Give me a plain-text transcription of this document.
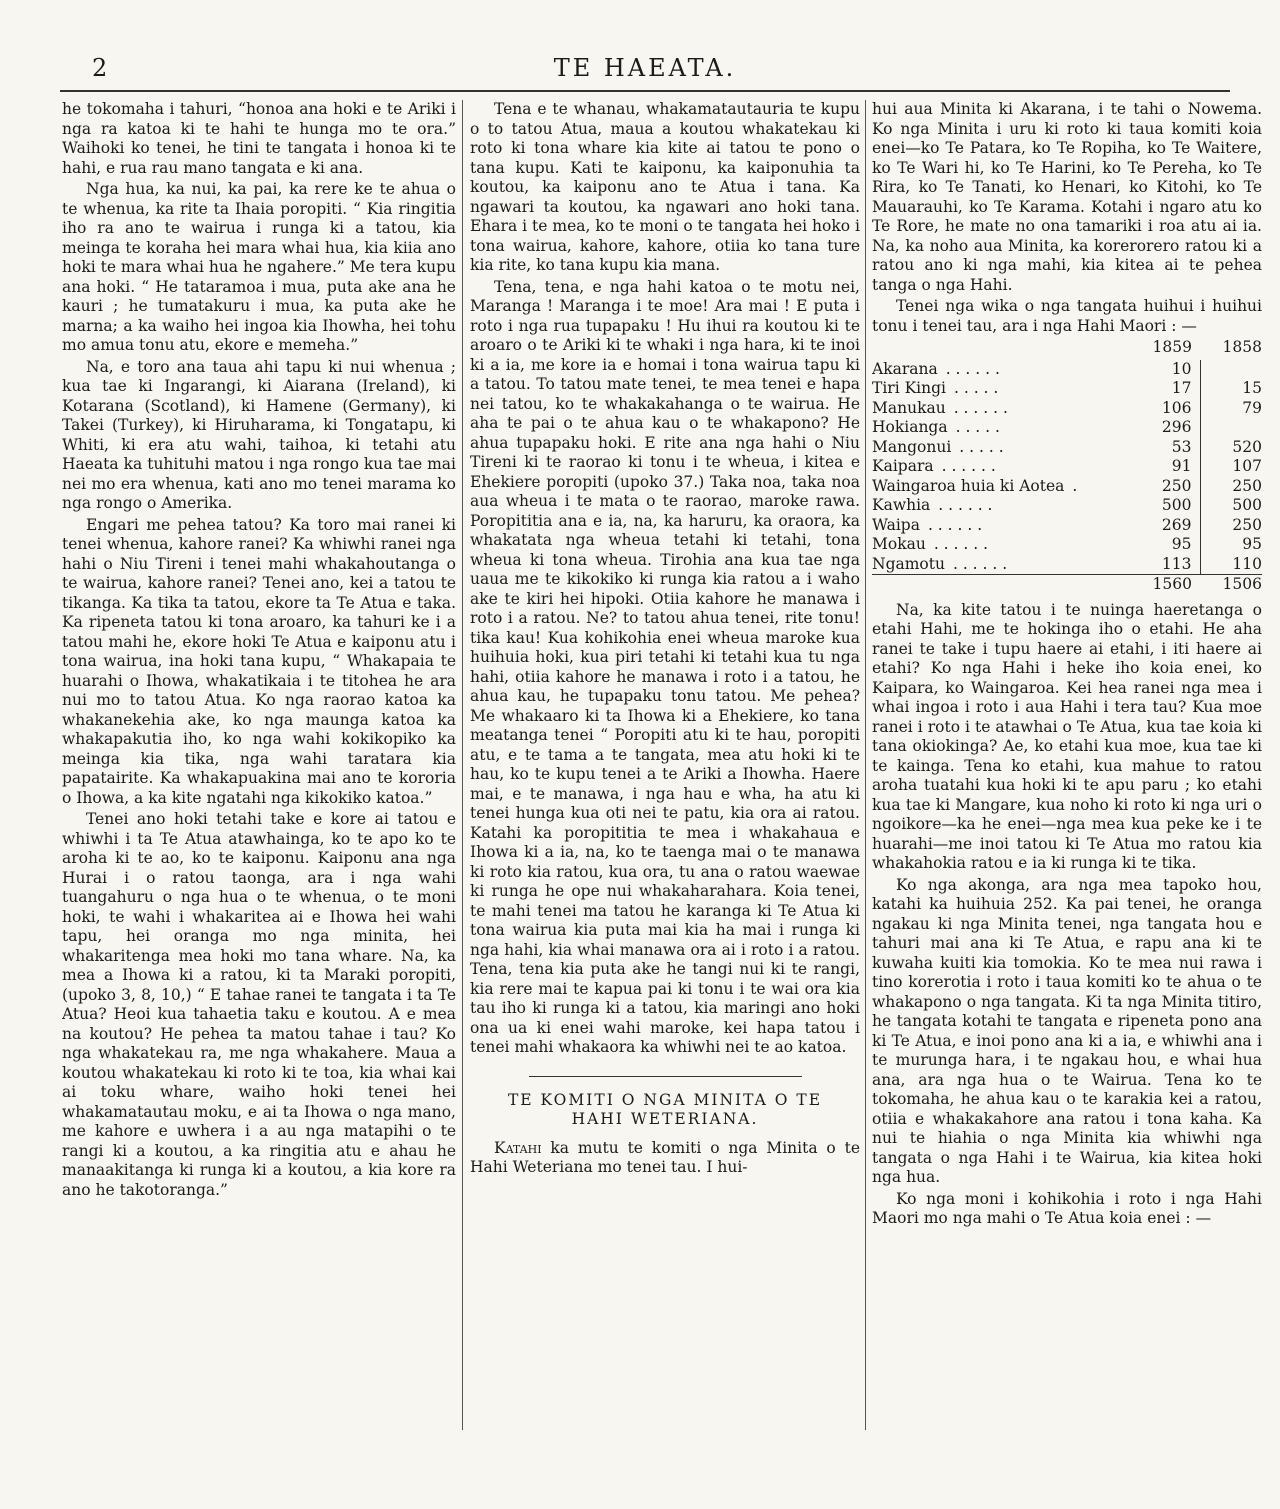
2	TE HAEATA.

he tokomaha i tahuri, “honoa ana hoki e te Ariki i nga ra katoa ki te hahi te hunga mo te ora.” Waihoki ko tenei, he tini te tangata i honoa ki te hahi, e rua rau mano tangata e ki ana.

Nga hua, ka nui, ka pai, ka rere ke te ahua o te whenua, ka rite ta Ihaia poropiti. “ Kia ringitia iho ra ano te wairua i runga ki a tatou, kia meinga te koraha hei mara whai hua, kia kiia ano hoki te mara whai hua he ngahere.” Me tera kupu ana hoki. “ He tataramoa i mua, puta ake ana he kauri ; he tumatakuru i mua, ka puta ake he marna; a ka waiho hei ingoa kia Ihowha, hei tohu mo amua tonu atu, ekore e memeha.”

Na, e toro ana taua ahi tapu ki nui whenua ; kua tae ki Ingarangi, ki Aiarana (Ireland), ki Kotarana (Scotland), ki Hamene (Germany), ki Takei (Turkey), ki Hiruharama, ki Tongatapu, ki Whiti, ki era atu wahi, taihoa, ki tetahi atu Haeata ka tuhituhi matou i nga rongo kua tae mai nei mo era whenua, kati ano mo tenei marama ko nga rongo o Amerika.

Engari me pehea tatou? Ka toro mai ranei ki tenei whenua, kahore ranei? Ka whiwhi ranei nga hahi o Niu Tireni i tenei mahi whakahoutanga o te wairua, kahore ranei? Tenei ano, kei a tatou te tikanga. Ka tika ta tatou, ekore ta Te Atua e taka. Ka ripeneta tatou ki tona aroaro, ka tahuri ke i a tatou mahi he, ekore hoki Te Atua e kaiponu atu i tona wairua, ina hoki tana kupu, “ Whakapaia te huarahi o Ihowa, whakatikaia i te titohea he ara nui mo to tatou Atua. Ko nga raorao katoa ka whakanekehia ake, ko nga maunga katoa ka whakapakutia iho, ko nga wahi kokikopiko ka meinga kia tika, nga wahi taratara kia papatairite. Ka whakapuakina mai ano te kororia o Ihowa, a ka kite ngatahi nga kikokiko katoa.”

Tenei ano hoki tetahi take e kore ai tatou e whiwhi i ta Te Atua atawhainga, ko te apo ko te aroha ki te ao, ko te kaiponu. Kaiponu ana nga Hurai i o ratou taonga, ara i nga wahi tuangahuru o nga hua o te whenua, o te moni hoki, te wahi i whakaritea ai e Ihowa hei wahi tapu, hei oranga mo nga minita, hei whakaritenga mea hoki mo tana whare. Na, ka mea a Ihowa ki a ratou, ki ta Maraki poropiti, (upoko 3, 8, 10,) “ E tahae ranei te tangata i ta Te Atua? Heoi kua tahaetia taku e koutou. A e mea na koutou? He pehea ta matou tahae i tau? Ko nga whakatekau ra, me nga whakahere. Maua a koutou whakatekau ki roto ki te toa, kia whai kai ai toku whare, waiho hoki tenei hei whakamatautau moku, e ai ta Ihowa o nga mano, me kahore e uwhera i a au nga matapihi o te rangi ki a koutou, a ka ringitia atu e ahau he manaakitanga ki runga ki a koutou, a kia kore ra ano he takotoranga.”

Tena e te whanau, whakamatautauria te kupu o to tatou Atua, maua a koutou whakatekau ki roto ki tona whare kia kite ai tatou te pono o tana kupu. Kati te kaiponu, ka kaiponuhia ta koutou, ka kaiponu ano te Atua i tana. Ka ngawari ta koutou, ka ngawari ano hoki tana. Ehara i te mea, ko te moni o te tangata hei hoko i tona wairua, kahore, kahore, otiia ko tana ture kia rite, ko tana kupu kia mana.

Tena, tena, e nga hahi katoa o te motu nei, Maranga ! Maranga i te moe! Ara mai ! E puta i roto i nga rua tupapaku ! Hu ihui ra koutou ki te aroaro o te Ariki ki te whaki i nga hara, ki te inoi ki a ia, me kore ia e homai i tona wairua tapu ki a tatou. To tatou mate tenei, te mea tenei e hapa nei tatou, ko te whakakahanga o te wairua. He aha te pai o te ahua kau o te whakapono? He ahua tupapaku hoki. E rite ana nga hahi o Niu Tireni ki te raorao ki tonu i te wheua, i kitea e Ehekiere poropiti (upoko 37.) Taka noa, taka noa aua wheua i te mata o te raorao, maroke rawa. Poropititia ana e ia, na, ka haruru, ka oraora, ka whakatata nga wheua tetahi ki tetahi, tona wheua ki tona wheua. Tirohia ana kua tae nga uaua me te kikokiko ki runga kia ratou a i waho ake te kiri hei hipoki. Otiia kahore he manawa i roto i a ratou. Ne? to tatou ahua tenei, rite tonu! tika kau! Kua kohikohia enei wheua maroke kua huihuia hoki, kua piri tetahi ki tetahi kua tu nga hahi, otiia kahore he manawa i roto i a tatou, he ahua kau, he tupapaku tonu tatou. Me pehea? Me whakaaro ki ta Ihowa ki a Ehekiere, ko tana meatanga tenei “ Poropiti atu ki te hau, poropiti atu, e te tama a te tangata, mea atu hoki ki te hau, ko te kupu tenei a te Ariki a Ihowha. Haere mai, e te manawa, i nga hau e wha, ha atu ki tenei hunga kua oti nei te patu, kia ora ai ratou. Katahi ka poropititia te mea i whakahaua e Ihowa ki a ia, na, ko te taenga mai o te manawa ki roto kia ratou, kua ora, tu ana o ratou waewae ki runga he ope nui whakaharahara. Koia tenei, te mahi tenei ma tatou he karanga ki Te Atua ki tona wairua kia puta mai kia ha mai i runga ki nga hahi, kia whai manawa ora ai i roto i a ratou. Tena, tena kia puta ake he tangi nui ki te rangi, kia rere mai te kapua pai ki tonu i te wai ora kia tau iho ki runga ki a tatou, kia maringi ano hoki ona ua ki enei wahi maroke, kei hapa tatou i tenei mahi whakaora ka whiwhi nei te ao katoa.

TE KOMITI O NGA MINITA O TE
HAHI WETERIANA.

Katahi ka mutu te komiti o nga Minita o te Hahi Weteriana mo tenei tau. I hui-

hui aua Minita ki Akarana, i te tahi o Nowema. Ko nga Minita i uru ki roto ki taua komiti koia enei—ko Te Patara, ko Te Ropiha, ko Te Waitere, ko Te Wari hi, ko Te Harini, ko Te Pereha, ko Te Rira, ko Te Tanati, ko Henari, ko Kitohi, ko Te Mauarauhi, ko Te Karama. Kotahi i ngaro atu ko Te Rore, he mate no ona tamariki i roa atu ai ia. Na, ka noho aua Minita, ka korerorero ratou ki a ratou ano ki nga mahi, kia kitea ai te pehea tanga o nga Hahi.

Tenei nga wika o nga tangata huihui i huihui tonu i tenei tau, ara i nga Hahi Maori : —

	1859	1858
Akarana . . . . . .	10	
Tiri Kingi . . . . .	17	15
Manukau . . . . . .	106	79
Hokianga . . . . .	296	
Mangonui . . . . .	53	520
Kaipara . . . . . .	91	107
Waingaroa huia ki Aotea .	250	250
Kawhia . . . . . .	500	500
Waipa . . . . . .	269	250
Mokau . . . . . .	95	95
Ngamotu . . . . . .	113	110
	1560	1506

Na, ka kite tatou i te nuinga haeretanga o etahi Hahi, me te hokinga iho o etahi. He aha ranei te take i tupu haere ai etahi, i iti haere ai etahi? Ko nga Hahi i heke iho koia enei, ko Kaipara, ko Waingaroa. Kei hea ranei nga mea i whai ingoa i roto i aua Hahi i tera tau? Kua moe ranei i roto i te atawhai o Te Atua, kua tae koia ki tana okiokinga? Ae, ko etahi kua moe, kua tae ki te kainga. Tena ko etahi, kua mahue to ratou aroha tuatahi kua hoki ki te apu paru ; ko etahi kua tae ki Mangare, kua noho ki roto ki nga uri o ngoikore—ka he enei—nga mea kua peke ke i te huarahi—me inoi tatou ki Te Atua mo ratou kia whakahokia ratou e ia ki runga ki te tika.

Ko nga akonga, ara nga mea tapoko hou, katahi ka huihuia 252. Ka pai tenei, he oranga ngakau ki nga Minita tenei, nga tangata hou e tahuri mai ana ki Te Atua, e rapu ana ki te kuwaha kuiti kia tomokia. Ko te mea nui rawa i tino korerotia i roto i taua komiti ko te ahua o te whakapono o nga tangata. Ki ta nga Minita titiro, he tangata kotahi te tangata e ripeneta pono ana ki Te Atua, e inoi pono ana ki a ia, e whiwhi ana i te murunga hara, i te ngakau hou, e whai hua ana, ara nga hua o te Wairua. Tena ko te tokomaha, he ahua kau o te karakia kei a ratou, otiia e whakakahore ana ratou i tona kaha. Ka nui te hiahia o nga Minita kia whiwhi nga tangata o nga Hahi i te Wairua, kia kitea hoki nga hua.

Ko nga moni i kohikohia i roto i nga Hahi Maori mo nga mahi o Te Atua koia enei : —
